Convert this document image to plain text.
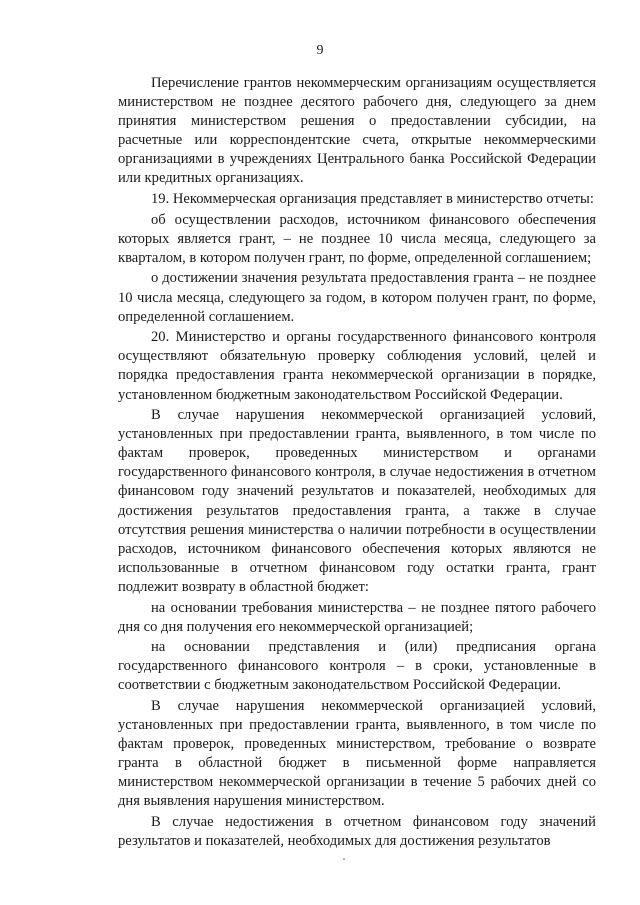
9

Перечисление грантов некоммерческим организациям осуществляется министерством не позднее десятого рабочего дня, следующего за днем принятия министерством решения о предоставлении субсидии, на расчетные или корреспондентские счета, открытые некоммерческими организациями в учреждениях Центрального банка Российской Федерации или кредитных организациях.

19. Некоммерческая организация представляет в министерство отчеты:

об осуществлении расходов, источником финансового обеспечения которых является грант, – не позднее 10 числа месяца, следующего за кварталом, в котором получен грант, по форме, определенной соглашением;

о достижении значения результата предоставления гранта – не позднее 10 числа месяца, следующего за годом, в котором получен грант, по форме, определенной соглашением.

20. Министерство и органы государственного финансового контроля осуществляют обязательную проверку соблюдения условий, целей и порядка предоставления гранта некоммерческой организации в порядке, установленном бюджетным законодательством Российской Федерации.

В случае нарушения некоммерческой организацией условий, установленных при предоставлении гранта, выявленного, в том числе по фактам проверок, проведенных министерством и органами государственного финансового контроля, в случае недостижения в отчетном финансовом году значений результатов и показателей, необходимых для достижения результатов предоставления гранта, а также в случае отсутствия решения министерства о наличии потребности в осуществлении расходов, источником финансового обеспечения которых являются не использованные в отчетном финансовом году остатки гранта, грант подлежит возврату в областной бюджет:

на основании требования министерства – не позднее пятого рабочего дня со дня получения его некоммерческой организацией;

на основании представления и (или) предписания органа государственного финансового контроля – в сроки, установленные в соответствии с бюджетным законодательством Российской Федерации.

В случае нарушения некоммерческой организацией условий, установленных при предоставлении гранта, выявленного, в том числе по фактам проверок, проведенных министерством, требование о возврате гранта в областной бюджет в письменной форме направляется министерством некоммерческой организации в течение 5 рабочих дней со дня выявления нарушения министерством.

В случае недостижения в отчетном финансовом году значений результатов и показателей, необходимых для достижения результатов
